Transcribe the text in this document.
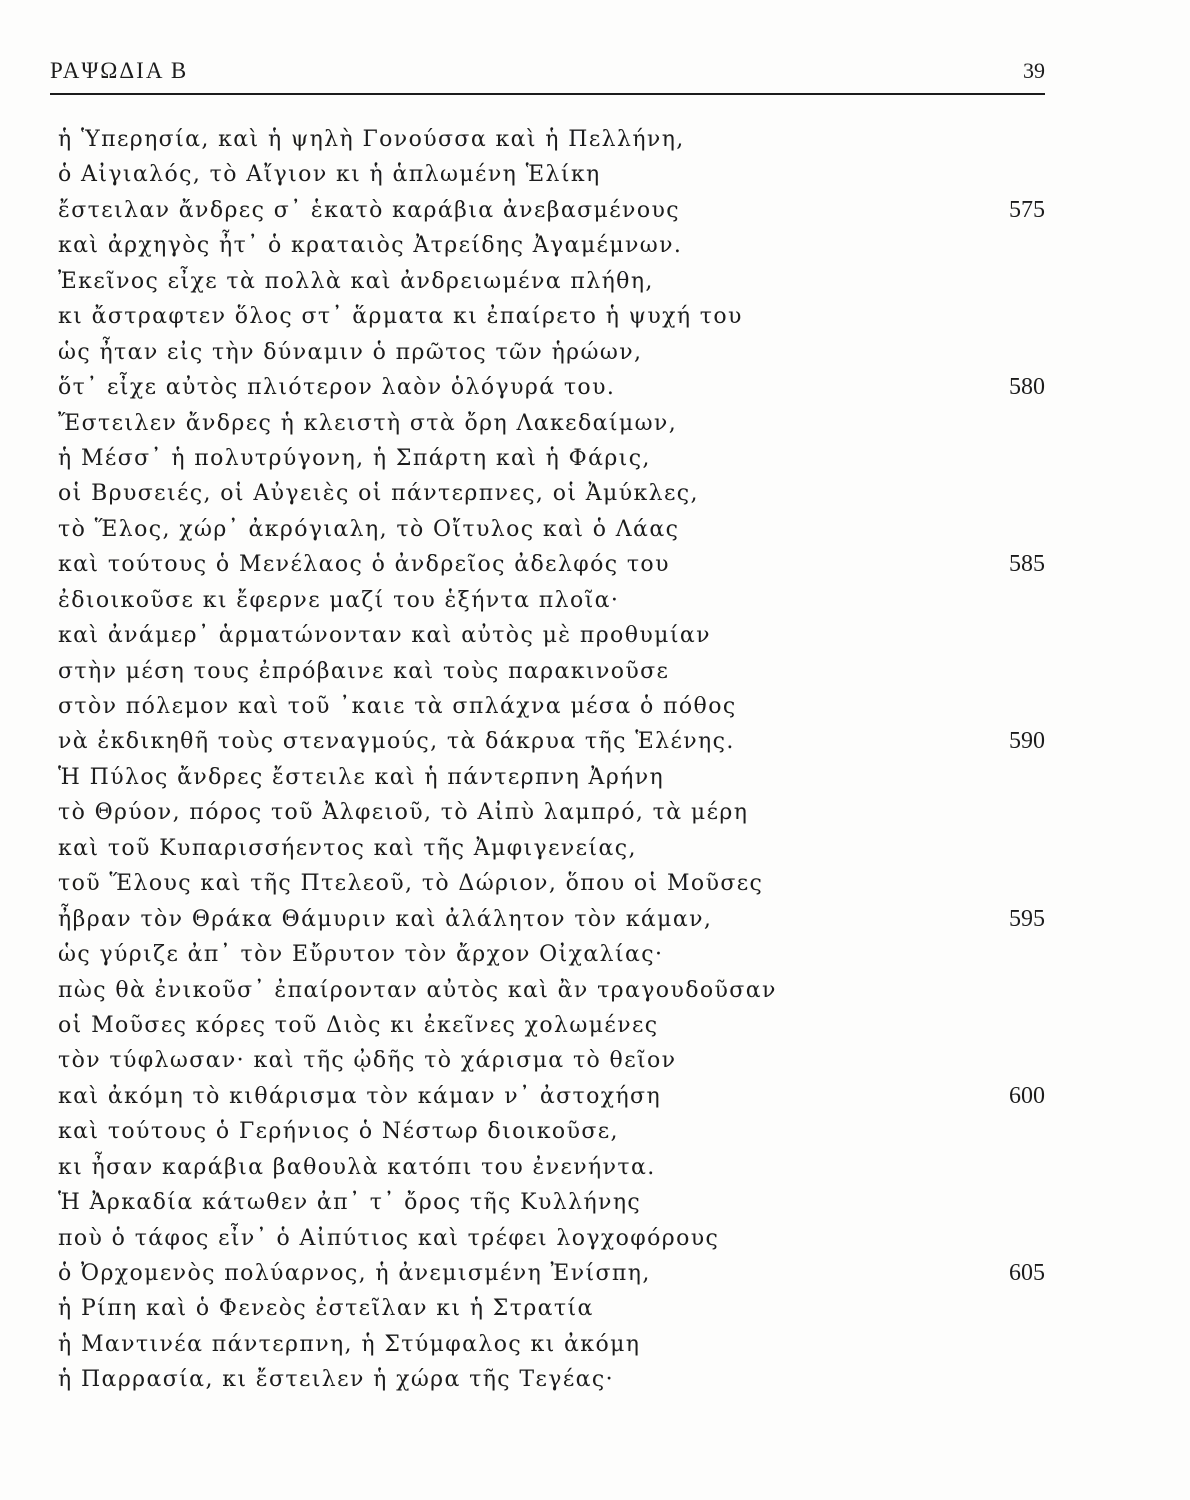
ΡΑΨΩΔΙΑ Β	39
ἡ Ὑπερησία, καὶ ἡ ψηλὴ Γονούσσα καὶ ἡ Πελλήνη,
ὁ Αἰγιαλός, τὸ Αἴγιον κι ἡ ἁπλωμένη Ἑλίκη
ἔστειλαν ἄνδρες σ᾽ ἑκατὸ καράβια ἀνεβασμένους	575
καὶ ἀρχηγὸς ἦτ᾽ ὁ κραταιὸς Ἀτρείδης Ἀγαμέμνων.
Ἐκεῖνος εἶχε τὰ πολλὰ καὶ ἀνδρειωμένα πλήθη,
κι ἄστραφτεν ὅλος στ᾽ ἅρματα κι ἐπαίρετο ἡ ψυχή του
ὡς ἦταν εἰς τὴν δύναμιν ὁ πρῶτος τῶν ἡρώων,
ὅτ᾽ εἶχε αὐτὸς πλιότερον λαὸν ὁλόγυρά του.	580
Ἔστειλεν ἄνδρες ἡ κλειστὴ στὰ ὄρη Λακεδαίμων,
ἡ Μέσσ᾽ ἡ πολυτρύγονη, ἡ Σπάρτη καὶ ἡ Φάρις,
οἱ Βρυσειές, οἱ Αὐγειὲς οἱ πάντερπνες, οἱ Ἀμύκλες,
τὸ Ἕλος, χώρ᾽ ἀκρόγιαλη, τὸ Οἴτυλος καὶ ὁ Λάας
καὶ τούτους ὁ Μενέλαος ὁ ἀνδρεῖος ἀδελφός του	585
ἐδιοικοῦσε κι ἔφερνε μαζί του ἑξήντα πλοῖα·
καὶ ἀνάμερ᾽ ἁρματώνονταν καὶ αὐτὸς μὲ προθυμίαν
στὴν μέση τους ἐπρόβαινε καὶ τοὺς παρακινοῦσε
στὸν πόλεμον καὶ τοῦ ᾽καιε τὰ σπλάχνα μέσα ὁ πόθος
νὰ ἐκδικηθῆ τοὺς στεναγμούς, τὰ δάκρυα τῆς Ἑλένης.	590
Ἡ Πύλος ἄνδρες ἔστειλε καὶ ἡ πάντερπνη Ἀρήνη
τὸ Θρύον, πόρος τοῦ Ἀλφειοῦ, τὸ Αἰπὺ λαμπρό, τὰ μέρη
καὶ τοῦ Κυπαρισσήεντος καὶ τῆς Ἀμφιγενείας,
τοῦ Ἕλους καὶ τῆς Πτελεοῦ, τὸ Δώριον, ὅπου οἱ Μοῦσες
ἦβραν τὸν Θράκα Θάμυριν καὶ ἀλάλητον τὸν κάμαν,	595
ὡς γύριζε ἀπ᾽ τὸν Εὔρυτον τὸν ἄρχον Οἰχαλίας·
πὼς θὰ ἐνικοῦσ᾽ ἐπαίρονταν αὐτὸς καὶ ἂν τραγουδοῦσαν
οἱ Μοῦσες κόρες τοῦ Διὸς κι ἐκεῖνες χολωμένες
τὸν τύφλωσαν· καὶ τῆς ᾠδῆς τὸ χάρισμα τὸ θεῖον
καὶ ἀκόμη τὸ κιθάρισμα τὸν κάμαν ν᾽ ἀστοχήση	600
καὶ τούτους ὁ Γερήνιος ὁ Νέστωρ διοικοῦσε,
κι ἦσαν καράβια βαθουλὰ κατόπι του ἐνενήντα.
Ἡ Ἀρκαδία κάτωθεν ἀπ᾽ τ᾽ ὄρος τῆς Κυλλήνης
ποὺ ὁ τάφος εἶν᾽ ὁ Αἰπύτιος καὶ τρέφει λογχοφόρους
ὁ Ὀρχομενὸς πολύαρνος, ἡ ἀνεμισμένη Ἐνίσπη,	605
ἡ Ρίπη καὶ ὁ Φενεὸς ἐστεῖλαν κι ἡ Στρατία
ἡ Μαντινέα πάντερπνη, ἡ Στύμφαλος κι ἀκόμη
ἡ Παρρασία, κι ἔστειλεν ἡ χώρα τῆς Τεγέας·
